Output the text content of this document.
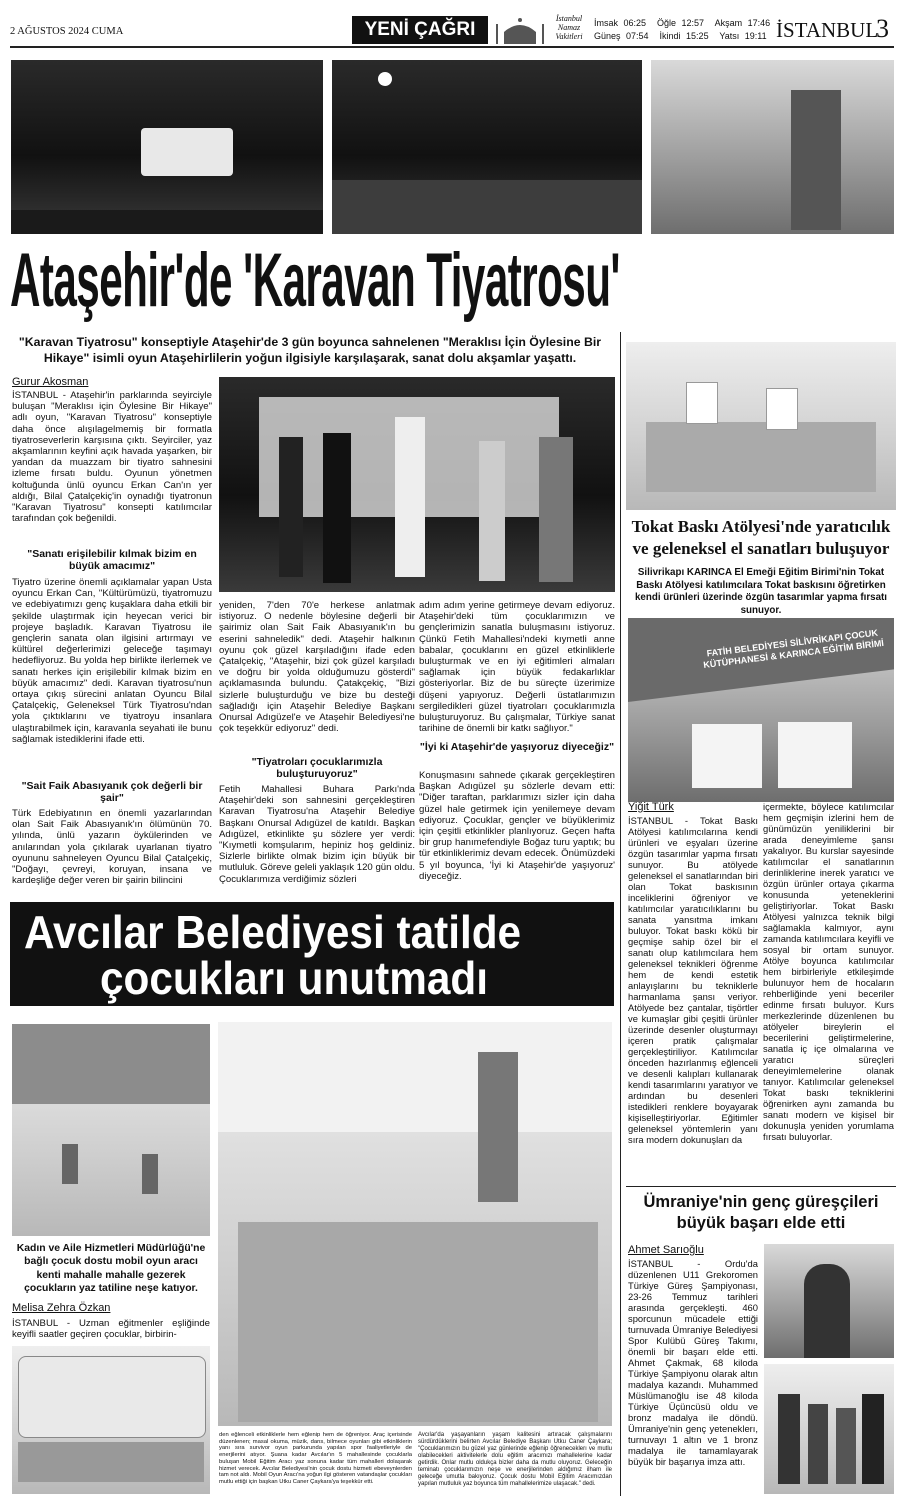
2 AĞUSTOS 2024 CUMA	YENİ ÇAĞRI
İstanbul Namaz Vakitleri
İmsak 06:25  Öğle 12:57  Akşam 17:46
Güneş 07:54  İkindi 15:25  Yatsı 19:11 İSTANBUL
3
Ataşehir'de 'Karavan Tiyatrosu'
"Karavan Tiyatrosu" konseptiyle Ataşehir'de 3 gün boyunca sahnelenen "Meraklısı İçin Öylesine Bir Hikaye" isimli oyun Ataşehirlilerin yoğun ilgisiyle karşılaşarak, sanat dolu akşamlar yaşattı.
Gurur Akosman
İSTANBUL - Ataşehir'in parklarında seyirciyle buluşan "Meraklısı için Öylesine Bir Hikaye" adlı oyun, "Karavan Tiyatrosu" konseptiyle daha önce alışılagelmemiş bir formatla tiyatroseverlerin karşısına çıktı. Seyirciler, yaz akşamlarının keyfini açık havada yaşarken, bir yandan da muazzam bir tiyatro sahnesini izleme fırsatı buldu. Oyunun yönetmen koltuğunda ünlü oyuncu Erkan Can'ın yer aldığı, Bilal Çatalçekiç'in oynadığı tiyatronun "Karavan Tiyatrosu" konsepti katılımcılar tarafından çok beğenildi.
"Sanatı erişilebilir kılmak bizim en büyük amacımız"
Tiyatro üzerine önemli açıklamalar yapan Usta oyuncu Erkan Can, "Kültürümüzü, tiyatromuzu ve edebiyatımızı genç kuşaklara daha etkili bir şekilde ulaştırmak için heyecan verici bir projeye başladık. Karavan Tiyatrosu ile gençlerin sanata olan ilgisini artırmayı ve kültürel değerlerimizi geleceğe taşımayı hedefliyoruz. Bu yolda hep birlikte ilerlemek ve sanatı herkes için erişilebilir kılmak bizim en büyük amacımız" dedi. Karavan tiyatrosu'nun ortaya çıkış sürecini anlatan Oyuncu Bilal Çatalçekiç, Geleneksel Türk Tiyatrosu'ndan yola çıktıklarını ve tiyatroyu insanlara ulaştırabilmek için, karavanla seyahati ile bunu sağlamak istediklerini ifade etti.
"Sait Faik Abasıyanık çok değerli bir şair"
Türk Edebiyatının en önemli yazarlarından olan Sait Faik Abasıyanık'ın ölümünün 70. yılında, ünlü yazarın öykülerinden ve anılarından yola çıkılarak uyarlanan tiyatro oyununu sahneleyen Oyuncu Bilal Çatalçekiç, "Doğayı, çevreyi, koruyan, insana ve kardeşliğe değer veren bir şairin bilincini
yeniden, 7'den 70'e herkese anlatmak istiyoruz. O nedenle böylesine değerli bir şairimiz olan Sait Faik Abasıyanık'ın bu eserini sahneledik" dedi. Ataşehir halkının oyunu çok güzel karşıladığını ifade eden Çatalçekiç, "Ataşehir, bizi çok güzel karşıladı ve doğru bir yolda olduğumuzu gösterdi" açıklamasında bulundu. Çatakçekiç, "Bizi sizlerle buluşturduğu ve bize bu desteği sağladığı için Ataşehir Belediye Başkanı Onursal Adıgüzel'e ve Ataşehir Belediyesi'ne çok teşekkür ediyoruz" dedi.
"Tiyatroları çocuklarımızla buluşturuyoruz"
Fetih Mahallesi Buhara Parkı'nda Ataşehir'deki son sahnesini gerçekleştiren Karavan Tiyatrosu'na Ataşehir Belediye Başkanı Onursal Adıgüzel de katıldı. Başkan Adıgüzel, etkinlikte şu sözlere yer verdi: "Kıymetli komşularım, hepiniz hoş geldiniz. Sizlerle birlikte olmak bizim için büyük bir mutluluk. Göreve geleli yaklaşık 120 gün oldu. Çocuklarımıza verdiğimiz sözleri
adım adım yerine getirmeye devam ediyoruz. Ataşehir'deki tüm çocuklarımızın ve gençlerimizin sanatla buluşmasını istiyoruz. Çünkü Fetih Mahallesi'ndeki kıymetli anne babalar, çocuklarını en güzel etkinliklerle buluşturmak ve en iyi eğitimleri almaları sağlamak için büyük fedakarlıklar gösteriyorlar. Biz de bu süreçte üzerimize düşeni yapıyoruz. Değerli üstatlarımızın sergiledikleri güzel tiyatroları çocuklarımızla buluşturuyoruz. Bu çalışmalar, Türkiye sanat tarihine de önemli bir katkı sağlıyor."
"İyi ki Ataşehir'de yaşıyoruz diyeceğiz"
Konuşmasını sahnede çıkarak gerçekleştiren Başkan Adıgüzel şu sözlerle devam etti: "Diğer taraftan, parklarımızı sizler için daha güzel hale getirmek için yenilemeye devam ediyoruz. Çocuklar, gençler ve büyüklerimiz için çeşitli etkinlikler planlıyoruz. Geçen hafta bir grup hanımefendiyle Boğaz turu yaptık; bu tür etkinliklerimiz devam edecek. Önümüzdeki 5 yıl boyunca, 'İyi ki Ataşehir'de yaşıyoruz' diyeceğiz.
Tokat Baskı Atölyesi'nde yaratıcılık ve geleneksel el sanatları buluşuyor
Silivrikapı KARINCA El Emeği Eğitim Birimi'nin Tokat Baskı Atölyesi katılımcılara Tokat baskısını öğretirken kendi ürünleri üzerinde özgün tasarımlar yapma fırsatı sunuyor.
FATİH BELEDİYESİ SİLİVRİKAPI ÇOCUK KÜTÜPHANESİ & KARINCA EĞİTİM BİRİMİ
Yiğit Türk
İSTANBUL - Tokat Baskı Atölyesi katılımcılarına kendi ürünleri ve eşyaları üzerine özgün tasarımlar yapma fırsatı sunuyor. Bu atölyede geleneksel el sanatlarından biri olan Tokat baskısının inceliklerini öğreniyor ve katılımcılar yaratıcılıklarını bu sanata yansıtma imkanı buluyor. Tokat baskı kökü bir geçmişe sahip özel bir el sanatı olup katılımcılara hem geleneksel teknikleri öğrenme hem de kendi estetik anlayışlarını bu tekniklerle harmanlama şansı veriyor. Atölyede bez çantalar, tişörtler ve kumaşlar gibi çeşitli ürünler üzerinde desenler oluşturmayı içeren pratik çalışmalar gerçekleştiriliyor. Katılımcılar önceden hazırlanmış eğlenceli ve desenli kalıpları kullanarak kendi tasarımlarını yaratıyor ve ardından bu desenleri istedikleri renklere boyayarak kişiselleştiriyorlar. Eğitimler geleneksel yöntemlerin yanı sıra modern dokunuşları da
içermekte, böylece katılımcılar hem geçmişin izlerini hem de günümüzün yeniliklerini bir arada deneyimleme şansı yakalıyor. Bu kurslar sayesinde katılımcılar el sanatlarının derinliklerine inerek yaratıcı ve özgün ürünler ortaya çıkarma konusunda yeteneklerini geliştiriyorlar. Tokat Baskı Atölyesi yalnızca teknik bilgi sağlamakla kalmıyor, aynı zamanda katılımcılara keyifli ve sosyal bir ortam sunuyor. Atölye boyunca katılımcılar hem birbirleriyle etkileşimde bulunuyor hem de hocaların rehberliğinde yeni beceriler edinme fırsatı buluyor. Kurs merkezlerinde düzenlenen bu atölyeler bireylerin el becerilerini geliştirmelerine, sanatla iç içe olmalarına ve yaratıcı süreçleri deneyimlemelerine olanak tanıyor. Katılımcılar geleneksel Tokat baskı tekniklerini öğrenirken aynı zamanda bu sanatı modern ve kişisel bir dokunuşla yeniden yorumlama fırsatı buluyorlar.
Ümraniye'nin genç güreşçileri büyük başarı elde etti
Ahmet Sarıoğlu
İSTANBUL - Ordu'da düzenlenen U11 Grekoromen Türkiye Güreş Şampiyonası, 23-26 Temmuz tarihleri arasında gerçekleşti. 460 sporcunun mücadele ettiği turnuvada Ümraniye Belediyesi Spor Kulübü Güreş Takımı, önemli bir başarı elde etti. Ahmet Çakmak, 68 kiloda Türkiye Şampiyonu olarak altın madalya kazandı. Muhammed Müslümanoğlu ise 48 kiloda Türkiye Üçüncüsü oldu ve bronz madalya ile döndü. Ümraniye'nin genç yeteneklerı, turnuvayı 1 altın ve 1 bronz madalya ile tamamlayarak büyük bir başarıya imza attı.
Avcılar Belediyesi tatilde
çocukları unutmadı
Kadın ve Aile Hizmetleri Müdürlüğü'ne bağlı çocuk dostu mobil oyun aracı kenti mahalle mahalle gezerek çocukların yaz tatiline neşe katıyor.
Melisa Zehra Özkan
İSTANBUL - Uzman eğitmenler eşliğinde keyifli saatler geçiren çocuklar, birbirin-
den eğlenceli etkinliklerle hem eğlenip hem de öğreniyor. Araç içerisinde düzenlenen; masal okuma, müzik, dans, bilmece oyunları gibi etkinliklerin yanı sıra survivor oyun parkurunda yapılan spor faaliyetleriyle de enerjilerini atıyor. Şuana kadar Avcılar'ın 5 mahallesinde çocuklarla buluşan Mobil Eğitim Aracı yaz sonuna kadar tüm mahalleri dolaşarak hizmet verecek. Avcılar Belediyesi'nin çocuk dostu hizmeti ebeveynlerden tam not aldı. Mobil Oyun Aracı'na yoğun ilgi gösteren vatandaşlar çocukları mutlu ettiği için başkan Utku Caner Çaykara'ya teşekkür etti.
Avcılar'da yaşayanların yaşam kalitesini artıracak çalışmalarını sürdürdüklerini belirten Avcılar Belediye Başkanı Utku Caner Çaykara; "Çocuklarımızın bu güzel yaz günlerinde eğlenip öğreneceklerı ve mutlu olabilecekleri aktivitelerle dolu eğitim aracımızı mahallelerine kadar getirdik. Onlar mutlu oldukça bizler daha da mutlu oluyoruz. Geleceğin teminatı çocuklarımızın neşe ve enerjilerinden aldığımız ilham ile geleceğe umutla bakıyoruz. Çocuk dostu Mobil Eğitim Aracımızdan yapılan mutluluk yaz boyunca tüm mahallelerimize ulaşacak." dedi.
